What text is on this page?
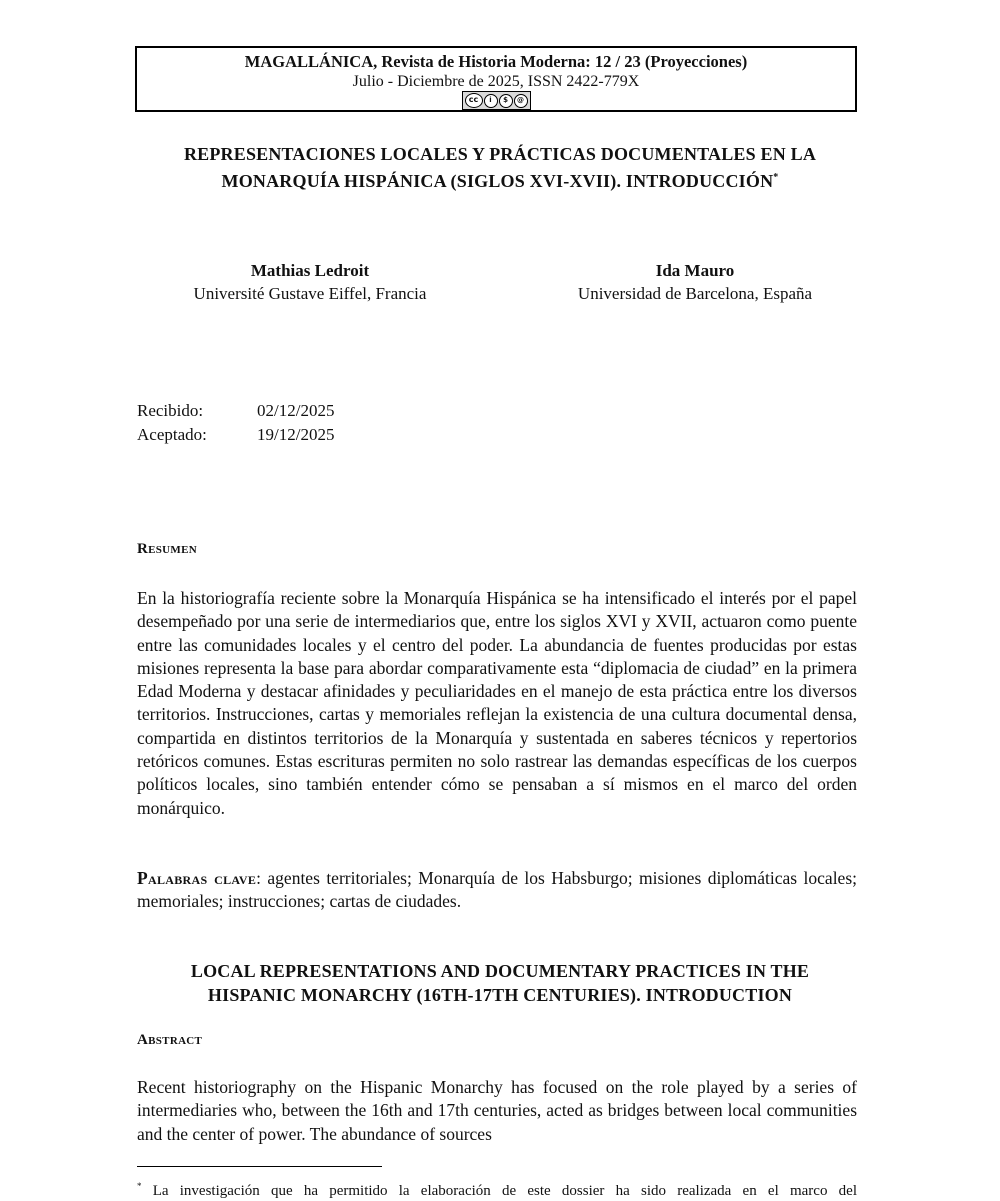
MAGALLÁNICA, Revista de Historia Moderna: 12 / 23 (Proyecciones)
Julio - Diciembre de 2025, ISSN 2422-779X
cc	i	$	@
REPRESENTACIONES LOCALES Y PRÁCTICAS DOCUMENTALES EN LA
MONARQUÍA HISPÁNICA (SIGLOS XVI-XVII). INTRODUCCIÓN*
Mathias Ledroit
Université Gustave Eiffel, Francia
Ida Mauro
Universidad de Barcelona, España
Recibido:	02/12/2025
Aceptado:	19/12/2025
Resumen
En la historiografía reciente sobre la Monarquía Hispánica se ha intensificado el interés por el papel desempeñado por una serie de intermediarios que, entre los siglos XVI y XVII, actuaron como puente entre las comunidades locales y el centro del poder. La abundancia de fuentes producidas por estas misiones representa la base para abordar comparativamente esta “diplomacia de ciudad” en la primera Edad Moderna y destacar afinidades y peculiaridades en el manejo de esta práctica entre los diversos territorios. Instrucciones, cartas y memoriales reflejan la existencia de una cultura documental densa, compartida en distintos territorios de la Monarquía y sustentada en saberes técnicos y repertorios retóricos comunes. Estas escrituras permiten no solo rastrear las demandas específicas de los cuerpos políticos locales, sino también entender cómo se pensaban a sí mismos en el marco del orden monárquico.
Palabras clave: agentes territoriales; Monarquía de los Habsburgo; misiones diplomáticas locales; memoriales; instrucciones; cartas de ciudades.
LOCAL REPRESENTATIONS AND DOCUMENTARY PRACTICES IN THE
HISPANIC MONARCHY (16TH-17TH CENTURIES). INTRODUCTION
Abstract
Recent historiography on the Hispanic Monarchy has focused on the role played by a series of intermediaries who, between the 16th and 17th centuries, acted as bridges between local communities and the center of power. The abundance of sources
* La investigación que ha permitido la elaboración de este dossier ha sido realizada en el marco del
